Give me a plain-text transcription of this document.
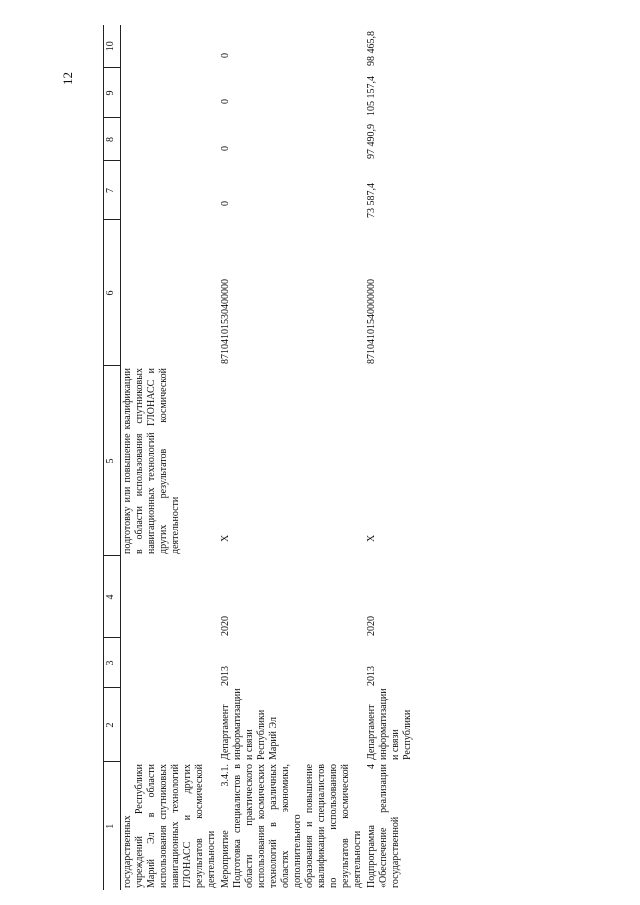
12
1	2	3	4	5	6	7	8	9	10
государственных учреждений Республики Марий Эл в области использования спутниковых навигационных технологий ГЛОНАСС и других результатов космической деятельности				подготовку или повышение квалификации в области использования спутниковых навигационных технологий ГЛОНАСС и других результатов космической деятельности					
Мероприятие 3.4.1. Подготовка специалистов в области практического использования космических технологий в различных областях экономики, дополнительного образования и повышение квалификации специалистов по использованию результатов космической деятельности	Департамент информатизации и связи Республики Марий Эл	2013	2020	Х	87104101530400000	0	0	0	0
Подпрограмма 4 «Обеспечение реализации государственной	Департамент информатизации и связи Республики	2013	2020	Х	87104101540000000	73 587,4	97 490,9	105 157,4	98 465,8
